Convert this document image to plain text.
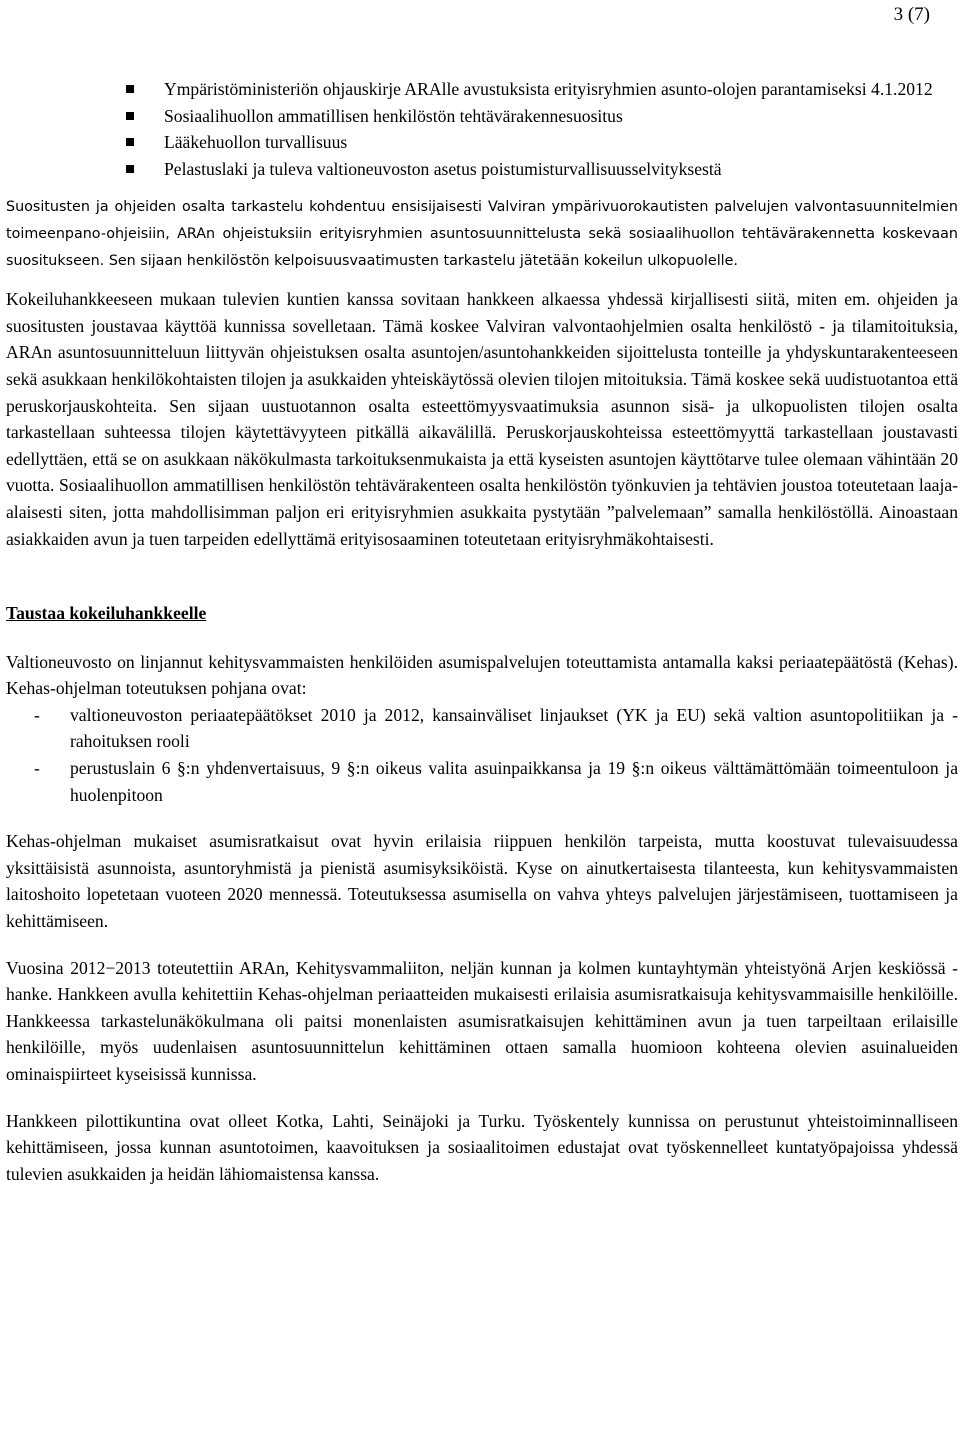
3 (7)
Ympäristöministeriön ohjauskirje ARAlle avustuksista erityisryhmien asunto-olojen parantamiseksi 4.1.2012
Sosiaalihuollon ammatillisen henkilöstön tehtävärakennesuositus
Lääkehuollon turvallisuus
Pelastuslaki ja tuleva valtioneuvoston asetus poistumisturvallisuusselvityksestä

Suositusten ja ohjeiden osalta tarkastelu kohdentuu ensisijaisesti Valviran ympärivuorokautisten palvelujen valvontasuunnitelmien toimeenpano-ohjeisiin, ARAn ohjeistuksiin erityisryhmien asuntosuunnittelusta sekä sosiaalihuollon tehtävärakennetta koskevaan suositukseen. Sen sijaan henkilöstön kelpoisuusvaatimusten tarkastelu jätetään kokeilun ulkopuolelle.

Kokeiluhankkeeseen mukaan tulevien kuntien kanssa sovitaan hankkeen alkaessa yhdessä kirjallisesti siitä, miten em. ohjeiden ja suositusten joustavaa käyttöä kunnissa sovelletaan. Tämä koskee Valviran valvontaohjelmien osalta henkilöstö - ja tilamitoituksia, ARAn asuntosuunnitteluun liittyvän ohjeistuksen osalta asuntojen/asuntohankkeiden sijoittelusta tonteille ja yhdyskuntarakenteeseen sekä asukkaan henkilökohtaisten tilojen ja asukkaiden yhteiskäytössä olevien tilojen mitoituksia. Tämä koskee sekä uudistuotantoa että peruskorjauskohteita. Sen sijaan uustuotannon osalta esteettömyysvaatimuksia asunnon sisä- ja ulkopuolisten tilojen osalta tarkastellaan suhteessa tilojen käytettävyyteen pitkällä aikavälillä. Peruskorjauskohteissa esteettömyyttä tarkastellaan joustavasti edellyttäen, että se on asukkaan näkökulmasta tarkoituksenmukaista ja että kyseisten asuntojen käyttötarve tulee olemaan vähintään 20 vuotta. Sosiaalihuollon ammatillisen henkilöstön tehtävärakenteen osalta henkilöstön työnkuvien ja tehtävien joustoa toteutetaan laaja-alaisesti siten, jotta mahdollisimman paljon eri erityisryhmien asukkaita pystytään ”palvelemaan” samalla henkilöstöllä. Ainoastaan asiakkaiden avun ja tuen tarpeiden edellyttämä erityisosaaminen toteutetaan erityisryhmäkohtaisesti.

Taustaa kokeiluhankkeelle

Valtioneuvosto on linjannut kehitysvammaisten henkilöiden asumispalvelujen toteuttamista antamalla kaksi periaatepäätöstä (Kehas). Kehas-ohjelman toteutuksen pohjana ovat:

- valtioneuvoston periaatepäätökset 2010 ja 2012, kansainväliset linjaukset (YK ja EU) sekä valtion asuntopolitiikan ja -rahoituksen rooli
- perustuslain 6 §:n yhdenvertaisuus, 9 §:n oikeus valita asuinpaikkansa ja 19 §:n oikeus välttämättömään toimeentuloon ja huolenpitoon

Kehas-ohjelman mukaiset asumisratkaisut ovat hyvin erilaisia riippuen henkilön tarpeista, mutta koostuvat tulevaisuudessa yksittäisistä asunnoista, asuntoryhmistä ja pienistä asumisyksiköistä. Kyse on ainutkertaisesta tilanteesta, kun kehitysvammaisten laitoshoito lopetetaan vuoteen 2020 mennessä. Toteutuksessa asumisella on vahva yhteys palvelujen järjestämiseen, tuottamiseen ja kehittämiseen.

Vuosina 2012−2013 toteutettiin ARAn, Kehitysvammaliiton, neljän kunnan ja kolmen kuntayhtymän yhteistyönä Arjen keskiössä -hanke. Hankkeen avulla kehitettiin Kehas-ohjelman periaatteiden mukaisesti erilaisia asumisratkaisuja kehitysvammaisille henkilöille. Hankkeessa tarkastelunäkökulmana oli paitsi monenlaisten asumisratkaisujen kehittäminen avun ja tuen tarpeiltaan erilaisille henkilöille, myös uudenlaisen asuntosuunnittelun kehittäminen ottaen samalla huomioon kohteena olevien asuinalueiden ominaispiirteet kyseisissä kunnissa.

Hankkeen pilottikuntina ovat olleet Kotka, Lahti, Seinäjoki ja Turku. Työskentely kunnissa on perustunut yhteistoiminnalliseen kehittämiseen, jossa kunnan asuntotoimen, kaavoituksen ja sosiaalitoimen edustajat ovat työskennelleet kuntatyöpajoissa yhdessä tulevien asukkaiden ja heidän lähiomaistensa kanssa.
